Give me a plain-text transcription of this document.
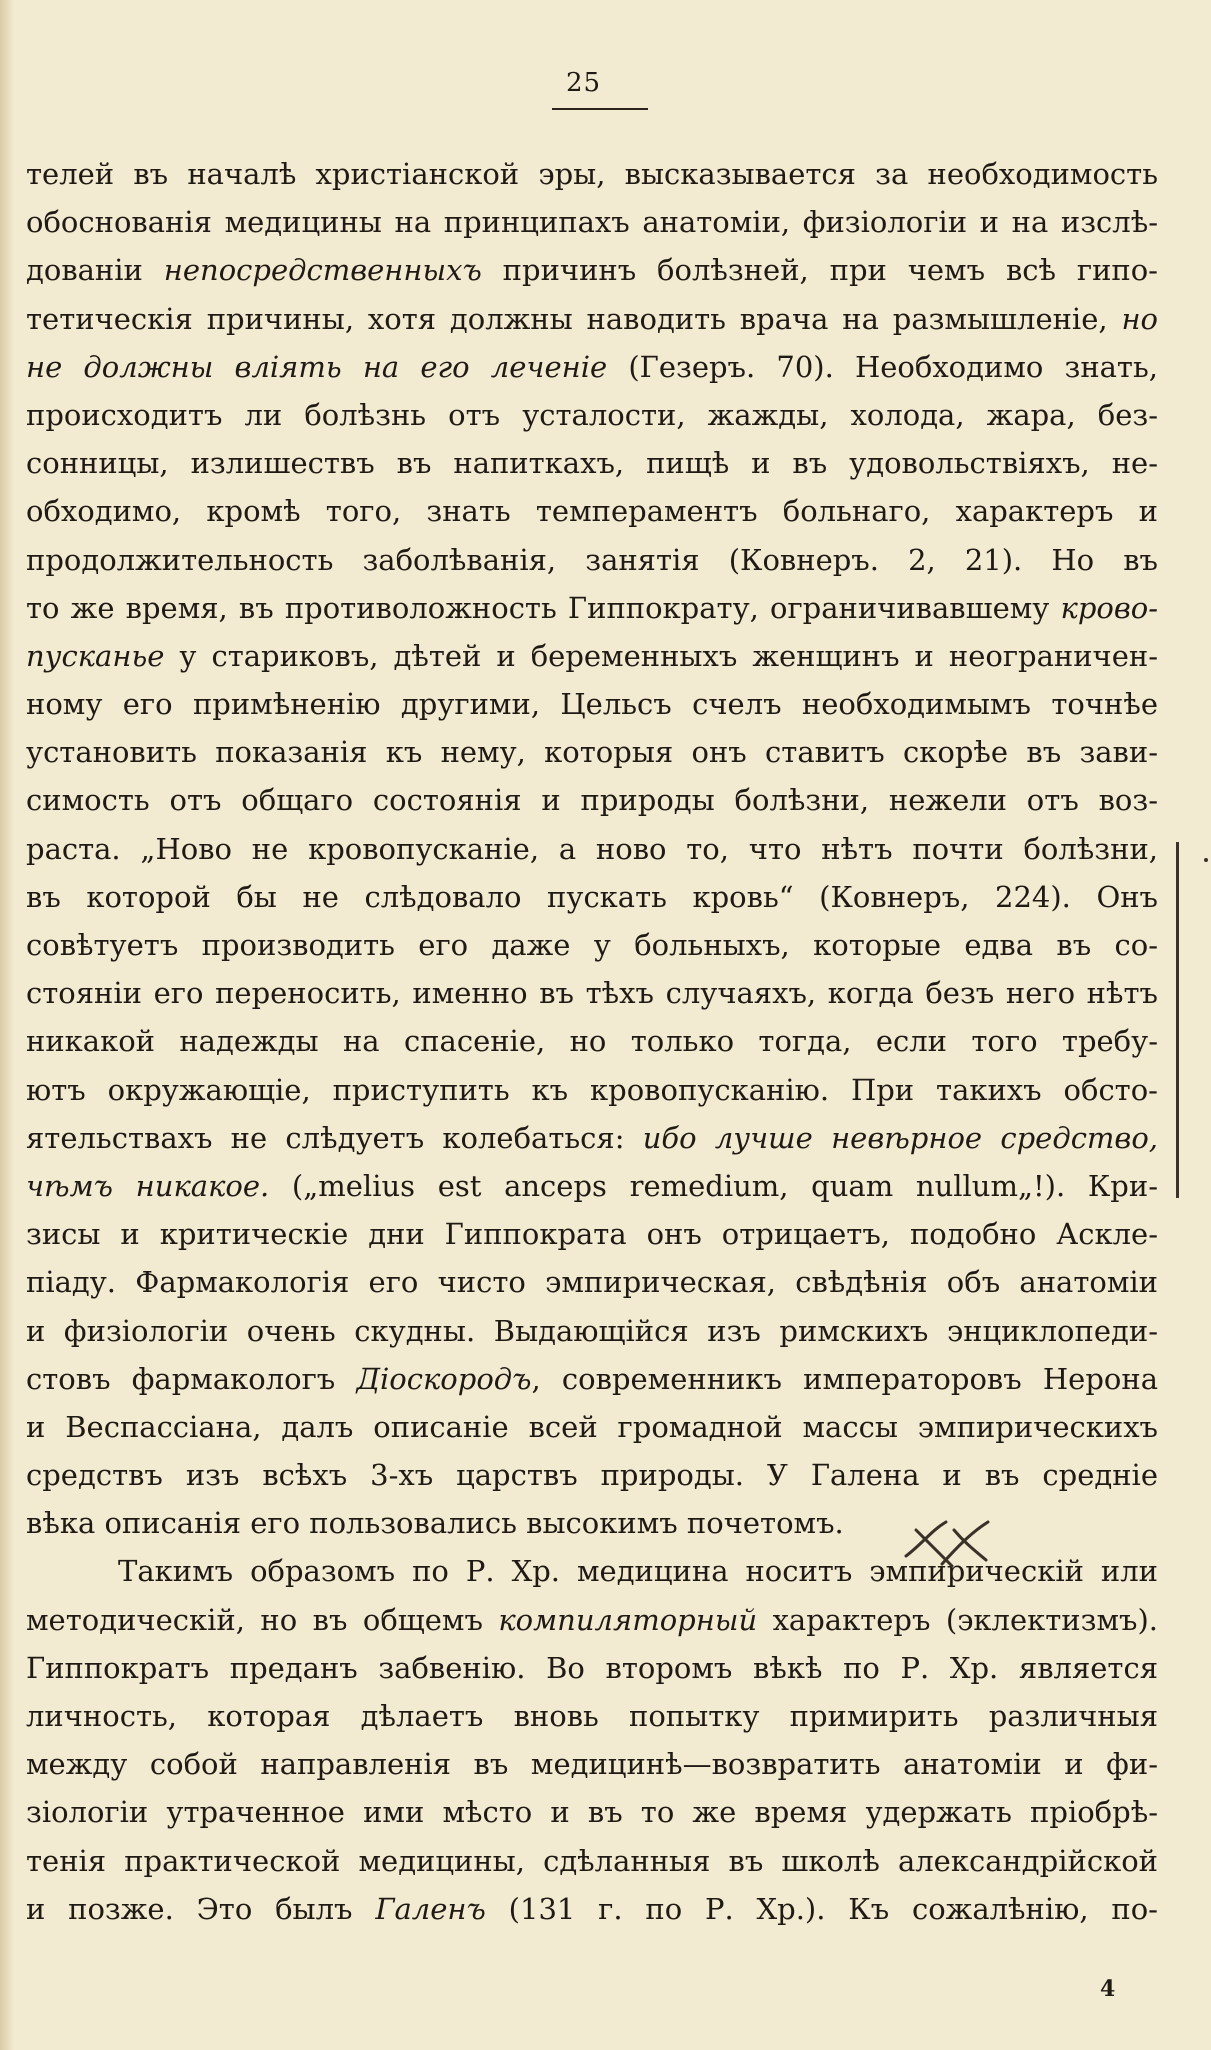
25
телей въ началѣ христіанской эры, высказывается за необходимость
обоснованія медицины на принципахъ анатоміи, физіологіи и на изслѣ-
дованіи непосредственныхъ причинъ болѣзней, при чемъ всѣ гипо-
тетическія причины, хотя должны наводить врача на размышленіе, но
не должны влiять на его леченiе (Гезеръ. 70). Необходимо знать,
происходитъ ли болѣзнь отъ усталости, жажды, холода, жара, без-
сонницы, излишествъ въ напиткахъ, пищѣ и въ удовольствіяхъ, не-
обходимо, кромѣ того, знать темпераментъ больнаго, характеръ и
продолжительность заболѣванія, занятія (Ковнеръ. 2, 21). Но въ
то же время, въ противоложность Гиппократу, ограничивавшему крово-
пусканье у стариковъ, дѣтей и беременныхъ женщинъ и неограничен-
ному его примѣненію другими, Цельсъ счелъ необходимымъ точнѣе
установить показанія къ нему, которыя онъ ставитъ скорѣе въ зави-
симость отъ общаго состоянія и природы болѣзни, нежели отъ воз-
раста. „Ново не кровопусканіе, а ново то, что нѣтъ почти болѣзни,
въ которой бы не слѣдовало пускать кровь“ (Ковнеръ, 224). Онъ
совѣтуетъ производить его даже у больныхъ, которые едва въ со-
стояніи его переносить, именно въ тѣхъ случаяхъ, когда безъ него нѣтъ
никакой надежды на спасеніе, но только тогда, если того требу-
ютъ окружающіе, приступить къ кровопусканію. При такихъ обсто-
ятельствахъ не слѣдуетъ колебаться: ибо лучше невѣрное средство,
чѣмъ никакое. („melius est anceps remedium, quam nullum„!). Кри-
зисы и критическіе дни Гиппократа онъ отрицаетъ, подобно Асклe-
піаду. Фармакологія его чисто эмпирическая, свѣдѣнія объ анатоміи
и физіологіи очень скудны. Выдающійся изъ римскихъ энциклопеди-
стовъ фармакологъ Діоскородъ, современникъ императоровъ Нерона
и Веспассіана, далъ описаніе всей громадной массы эмпирическихъ
средствъ изъ всѣхъ 3-хъ царствъ природы. У Галена и въ средніе
вѣка описанія его пользовались высокимъ почетомъ.
Такимъ образомъ по Р. Хр. медицина носитъ эмпирическій или
методическій, но въ общемъ компиляторный характеръ (эклектизмъ).
Гиппократъ преданъ забвенію. Во второмъ вѣкѣ по Р. Хр. является
личность, которая дѣлаетъ вновь попытку примирить различныя
между собой направленія въ медицинѣ—возвратить анатоміи и фи-
зіологіи утраченное ими мѣсто и въ то же время удержать пріобрѣ-
тенія практической медицины, сдѣланныя въ школѣ александрійской
и позже. Это былъ Галенъ (131 г. по Р. Хр.). Къ сожалѣнію, по-
4
